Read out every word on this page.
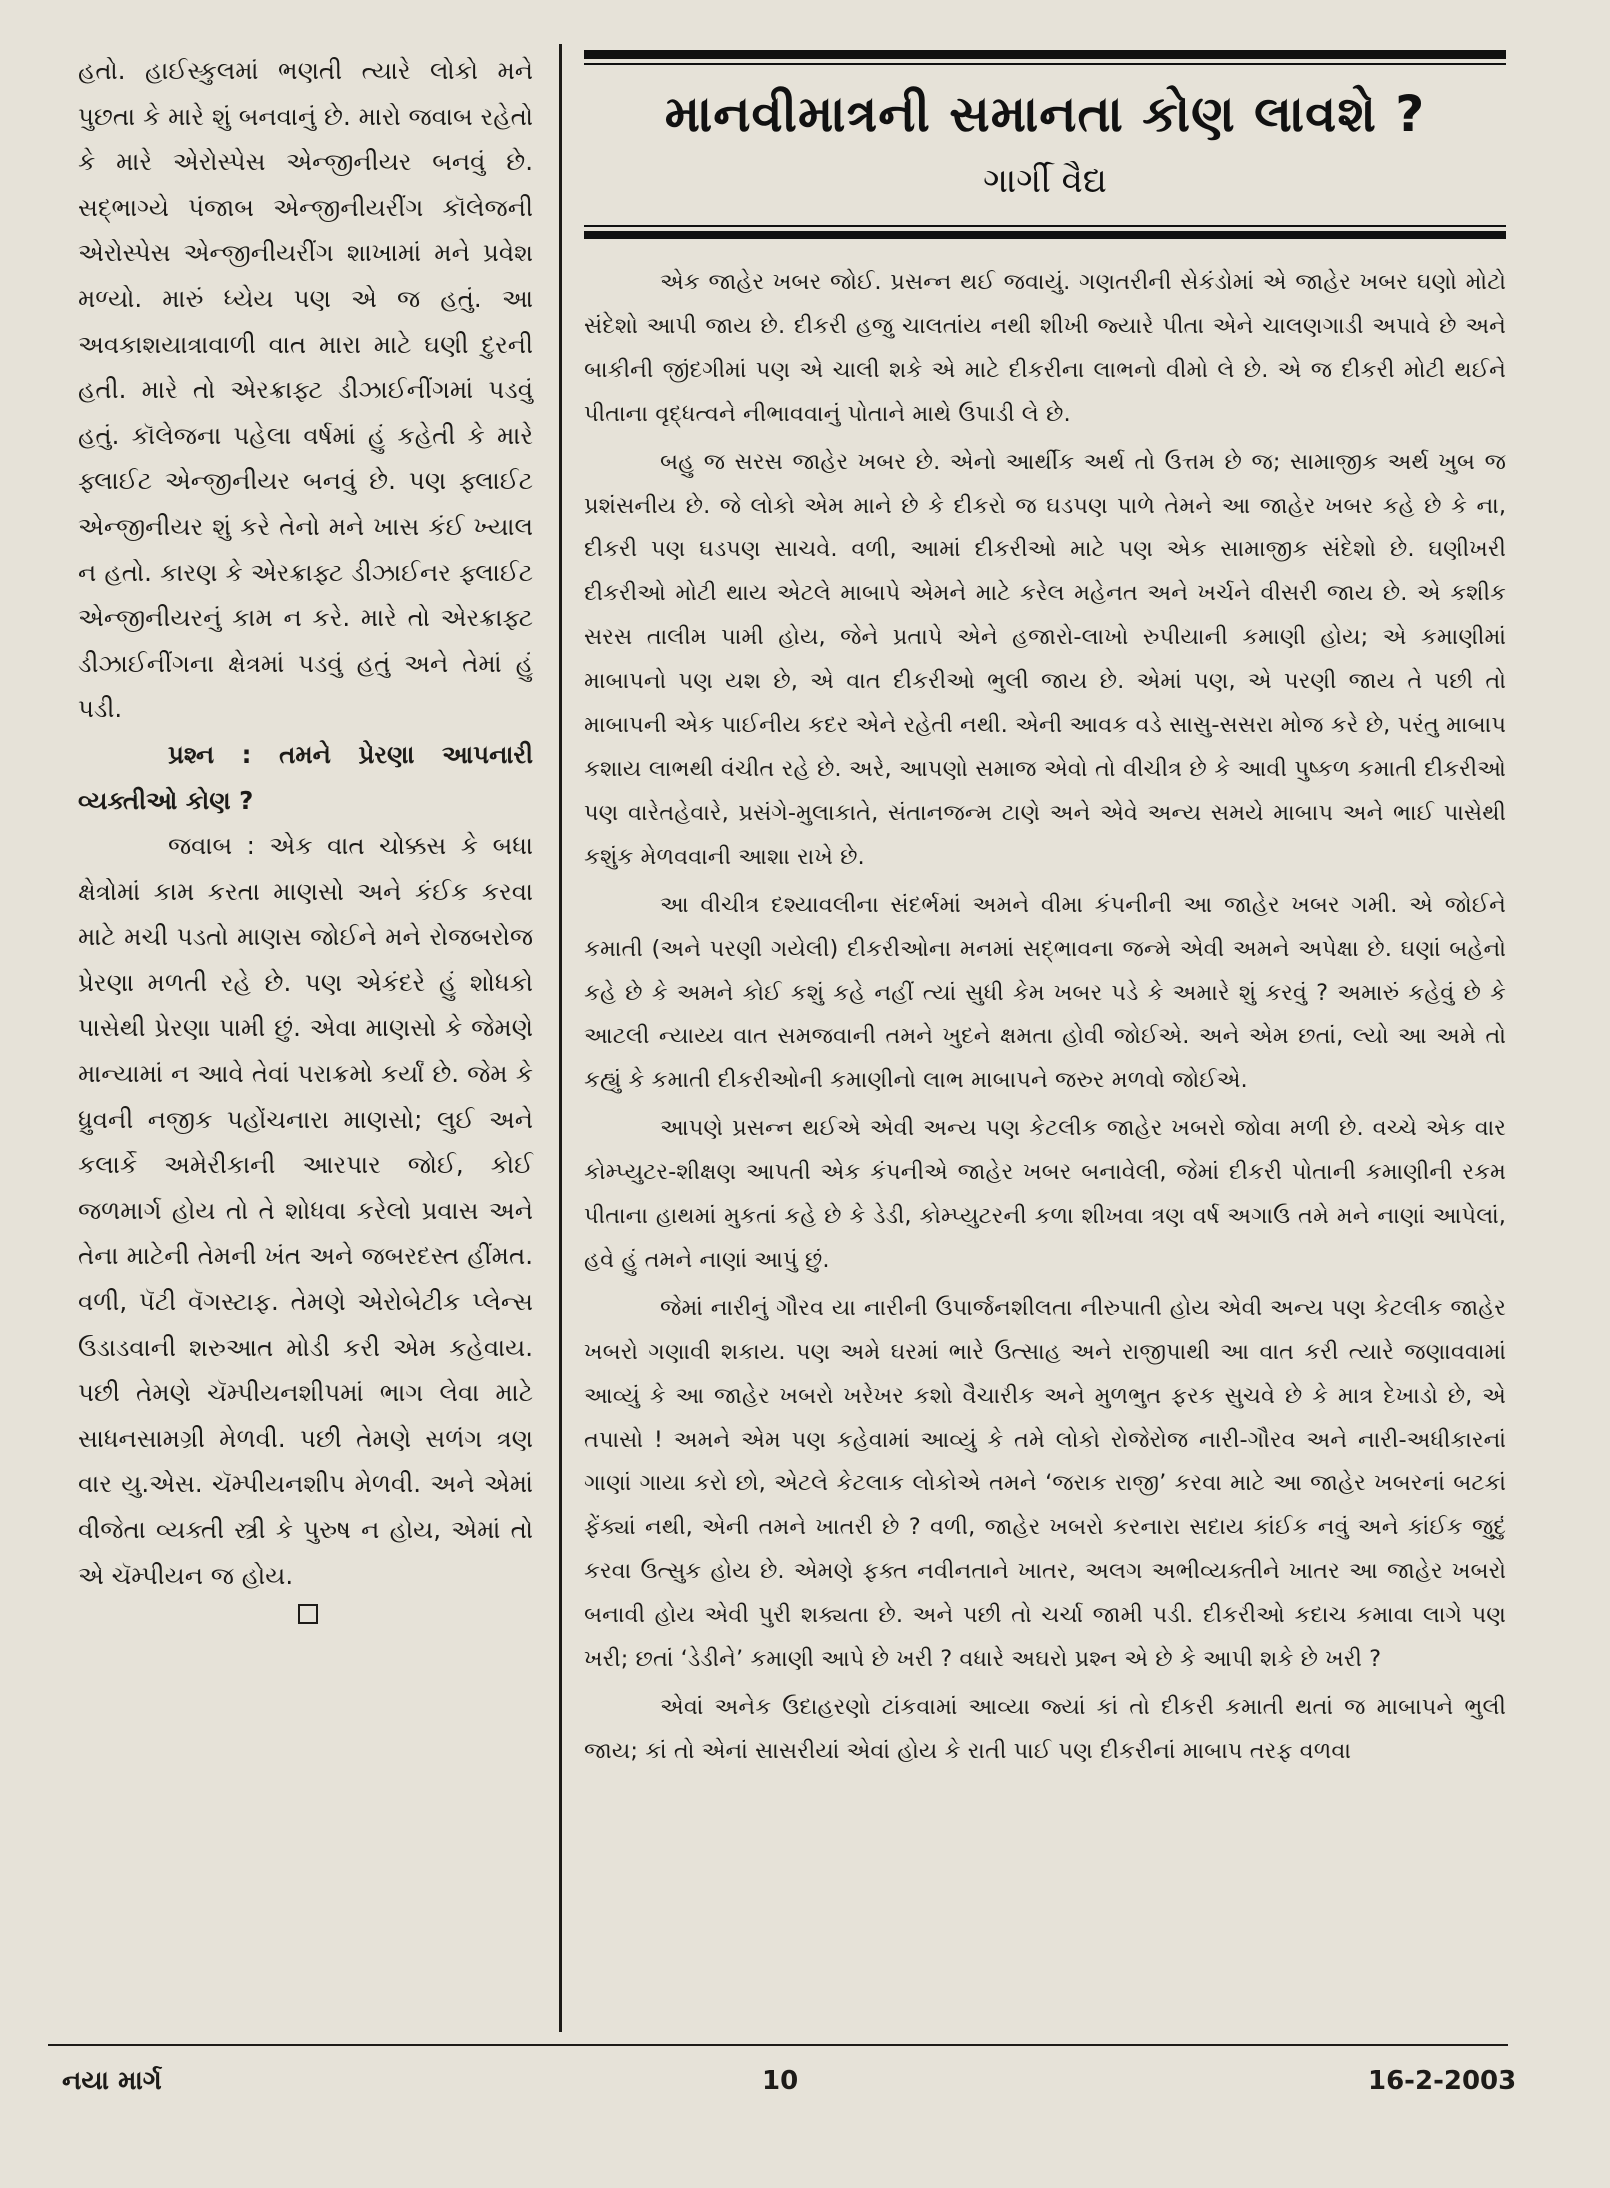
હતો. હાઈસ્કુલમાં ભણતી ત્યારે લોકો મને પુછતા કે મારે શું બનવાનું છે. મારો જવાબ રહેતો કે મારે એરોસ્પેસ એન્જીનીયર બનવું છે. સદ્‌ભાગ્યે પંજાબ એન્જીનીયરીંગ કૉલેજની એરોસ્પેસ એન્જીનીયરીંગ શાખામાં મને પ્રવેશ મળ્યો. મારું ધ્યેય પણ એ જ હતું. આ અવકાશયાત્રાવાળી વાત મારા માટે ઘણી દુરની હતી. મારે તો એરક્રાફ્ટ ડીઝાઈનીંગમાં પડવું હતું. કૉલેજના પહેલા વર્ષમાં હું કહેતી કે મારે ફ્લાઈટ એન્જીનીયર બનવું છે. પણ ફ્લાઈટ એન્જીનીયર શું કરે તેનો મને ખાસ કંઈ ખ્યાલ ન હતો. કારણ કે એરક્રાફ્ટ ડીઝાઈનર ફ્લાઈટ એન્જીનીયરનું કામ ન કરે. મારે તો એરક્રાફ્ટ ડીઝાઈનીંગના ક્ષેત્રમાં પડવું હતું અને તેમાં હું પડી.

પ્રશ્ન : તમને પ્રેરણા આપનારી વ્યક્તીઓ કોણ ?

જવાબ : એક વાત ચોક્કસ કે બધા ક્ષેત્રોમાં કામ કરતા માણસો અને કંઈક કરવા માટે મચી પડતો માણસ જોઈને મને રોજબરોજ પ્રેરણા મળતી રહે છે. પણ એકંદરે હું શોધકો પાસેથી પ્રેરણા પામી છું. એવા માણસો કે જેમણે માન્યામાં ન આવે તેવાં પરાક્રમો કર્યાં છે. જેમ કે ધ્રુવની નજીક પહોંચનારા માણસો; લુઈ અને કલાર્કે અમેરીકાની આરપાર જોઈ, કોઈ જળમાર્ગ હોય તો તે શોધવા કરેલો પ્રવાસ અને તેના માટેની તેમની ખંત અને જબરદસ્ત હીંમત. વળી, પૅટી વૅગસ્ટાફ. તેમણે એરોબેટીક પ્લેન્સ ઉડાડવાની શરુઆત મોડી કરી એમ કહેવાય. પછી તેમણે ચૅમ્પીયનશીપમાં ભાગ લેવા માટે સાધનસામગ્રી મેળવી. પછી તેમણે સળંગ ત્રણ વાર યુ.એસ. ચૅમ્પીયનશીપ મેળવી. અને એમાં વીજેતા વ્યક્તી સ્ત્રી કે પુરુષ ન હોય, એમાં તો એ ચૅમ્પીયન જ હોય.

માનવીમાત્રની સમાનતા કોણ લાવશે ?
ગાર્ગી વૈદ્ય

એક જાહેર ખબર જોઈ. પ્રસન્ન થઈ જવાયું. ગણતરીની સેકંડોમાં એ જાહેર ખબર ઘણો મોટો સંદેશો આપી જાય છે. દીકરી હજુ ચાલતાંય નથી શીખી જ્યારે પીતા એને ચાલણગાડી અપાવે છે અને બાકીની જીંદગીમાં પણ એ ચાલી શકે એ માટે દીકરીના લાભનો વીમો લે છે. એ જ દીકરી મોટી થઈને પીતાના વૃદ્ધત્વને નીભાવવાનું પોતાને માથે ઉપાડી લે છે.

બહુ જ સરસ જાહેર ખબર છે. એનો આર્થીક અર્થ તો ઉત્તમ છે જ; સામાજીક અર્થ ખુબ જ પ્રશંસનીય છે. જે લોકો એમ માને છે કે દીકરો જ ઘડપણ પાળે તેમને આ જાહેર ખબર કહે છે કે ના, દીકરી પણ ઘડપણ સાચવે. વળી, આમાં દીકરીઓ માટે પણ એક સામાજીક સંદેશો છે. ઘણીખરી દીકરીઓ મોટી થાય એટલે માબાપે એમને માટે કરેલ મહેનત અને ખર્ચને વીસરી જાય છે. એ કશીક સરસ તાલીમ પામી હોય, જેને પ્રતાપે એને હજારો-લાખો રુપીયાની કમાણી હોય; એ કમાણીમાં માબાપનો પણ યશ છે, એ વાત દીકરીઓ ભુલી જાય છે. એમાં પણ, એ પરણી જાય તે પછી તો માબાપની એક પાઈનીય કદર એને રહેતી નથી. એની આવક વડે સાસુ-સસરા મોજ કરે છે, પરંતુ માબાપ કશાય લાભથી વંચીત રહે છે. અરે, આપણો સમાજ એવો તો વીચીત્ર છે કે આવી પુષ્કળ કમાતી દીકરીઓ પણ વારેતહેવારે, પ્રસંગે-મુલાકાતે, સંતાનજન્મ ટાણે અને એવે અન્ય સમયે માબાપ અને ભાઈ પાસેથી કશુંક મેળવવાની આશા રાખે છે.

આ વીચીત્ર દશ્યાવલીના સંદર્ભમાં અમને વીમા કંપનીની આ જાહેર ખબર ગમી. એ જોઈને કમાતી (અને પરણી ગયેલી) દીકરીઓના મનમાં સદ્‌ભાવના જન્મે એવી અમને અપેક્ષા છે. ઘણાં બહેનો કહે છે કે અમને કોઈ કશું કહે નહીં ત્યાં સુધી કેમ ખબર પડે કે અમારે શું કરવું ? અમારું કહેવું છે કે આટલી ન્યાય્ય વાત સમજવાની તમને ખુદને ક્ષમતા હોવી જોઈએ. અને એમ છતાં, લ્યો આ અમે તો કહ્યું કે કમાતી દીકરીઓની કમાણીનો લાભ માબાપને જરુર મળવો જોઈએ.

આપણે પ્રસન્ન થઈએ એવી અન્ય પણ કેટલીક જાહેર ખબરો જોવા મળી છે. વચ્ચે એક વાર કોમ્પ્યુટર-શીક્ષણ આપતી એક કંપનીએ જાહેર ખબર બનાવેલી, જેમાં દીકરી પોતાની કમાણીની રકમ પીતાના હાથમાં મુકતાં કહે છે કે ડેડી, કોમ્પ્યુટરની કળા શીખવા ત્રણ વર્ષ અગાઉ તમે મને નાણાં આપેલાં, હવે હું તમને નાણાં આપું છું.

જેમાં નારીનું ગૌરવ યા નારીની ઉપાર્જનશીલતા નીરુપાતી હોય એવી અન્ય પણ કેટલીક જાહેર ખબરો ગણાવી શકાય. પણ અમે ઘરમાં ભારે ઉત્સાહ અને રાજીપાથી આ વાત કરી ત્યારે જણાવવામાં આવ્યું કે આ જાહેર ખબરો ખરેખર કશો વૈચારીક અને મુળભુત ફરક સુચવે છે કે માત્ર દેખાડો છે, એ તપાસો ! અમને એમ પણ કહેવામાં આવ્યું કે તમે લોકો રોજેરોજ નારી-ગૌરવ અને નારી-અધીકારનાં ગાણાં ગાયા કરો છો, એટલે કેટલાક લોકોએ તમને ‘જરાક રાજી’ કરવા માટે આ જાહેર ખબરનાં બટકાં ફેંક્યાં નથી, એની તમને ખાતરી છે ? વળી, જાહેર ખબરો કરનારા સદાય કાંઈક નવું અને કાંઈક જુદું કરવા ઉત્સુક હોય છે. એમણે ફક્ત નવીનતાને ખાતર, અલગ અભીવ્યક્તીને ખાતર આ જાહેર ખબરો બનાવી હોય એવી પુરી શક્યતા છે. અને પછી તો ચર્ચા જામી પડી. દીકરીઓ કદાચ કમાવા લાગે પણ ખરી; છતાં ‘ડેડીને’ કમાણી આપે છે ખરી ? વધારે અઘરો પ્રશ્ન એ છે કે આપી શકે છે ખરી ?

એવાં અનેક ઉદાહરણો ટાંકવામાં આવ્યા જ્યાં કાં તો દીકરી કમાતી થતાં જ માબાપને ભુલી જાય; કાં તો એનાં સાસરીયાં એવાં હોય કે રાતી પાઈ પણ દીકરીનાં માબાપ તરફ વળવા

નયા માર્ગ	10	16-2-2003
